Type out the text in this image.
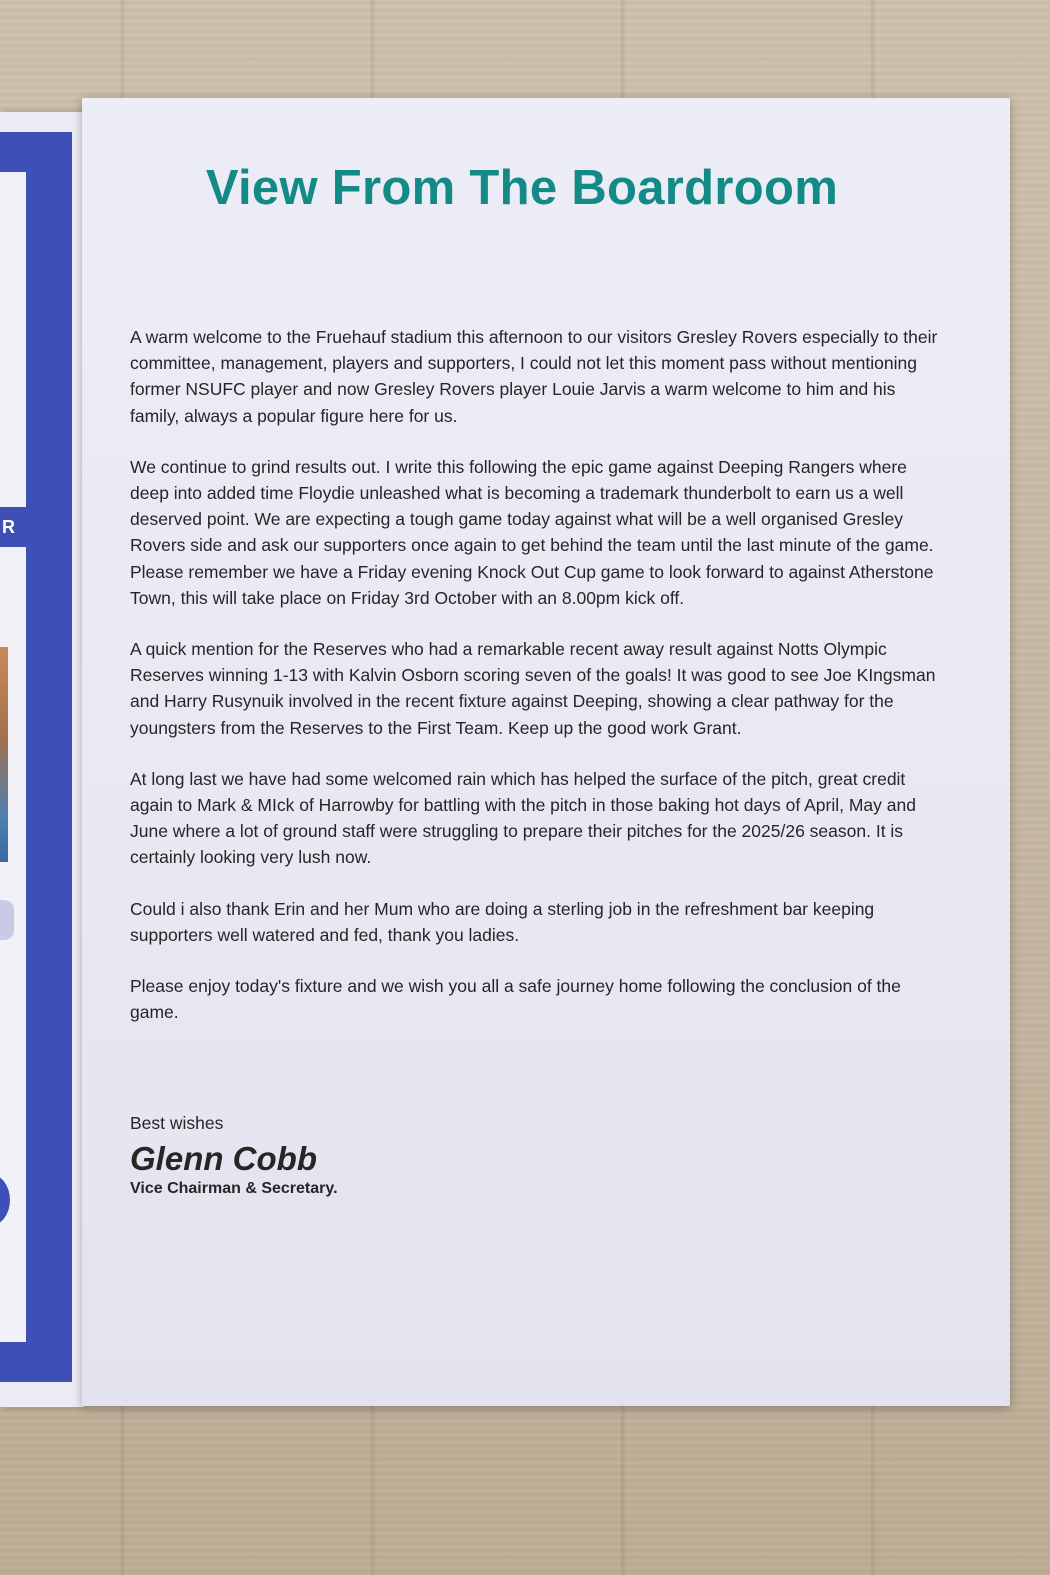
R
View From The Boardroom

A warm welcome to the Fruehauf stadium this afternoon to our visitors Gresley Rovers especially to their committee, management, players and supporters, I could not let this moment pass without mentioning former NSUFC player and now Gresley Rovers player Louie Jarvis a warm welcome to him and his family, always a popular figure here for us.

We continue to grind results out. I write this following the epic game against Deeping Rangers where deep into added time Floydie unleashed what is becoming a trademark thunderbolt to earn us a well deserved point. We are expecting a tough game today against what will be a well organised Gresley Rovers side and ask our supporters once again to get behind the team until the last minute of the game. Please remember we have a Friday evening Knock Out Cup game to look forward to against Atherstone Town, this will take place on Friday 3rd October with an 8.00pm kick off.

A quick mention for the Reserves who had a remarkable recent away result against Notts Olympic Reserves winning 1-13 with Kalvin Osborn scoring seven of the goals! It was good to see Joe KIngsman and Harry Rusynuik involved in the recent fixture against Deeping, showing a clear pathway for the youngsters from the Reserves to the First Team. Keep up the good work Grant.

At long last we have had some welcomed rain which has helped the surface of the pitch, great credit again to Mark & MIck of Harrowby for battling with the pitch in those baking hot days of April, May and June where a lot of ground staff were struggling to prepare their pitches for the 2025/26 season. It is certainly looking very lush now.

Could i also thank Erin and her Mum who are doing a sterling job in the refreshment bar keeping supporters well watered and fed, thank you ladies.

Please enjoy today's fixture and we wish you all a safe journey home following the conclusion of the game.

Best wishes
Glenn Cobb
Vice Chairman & Secretary.
